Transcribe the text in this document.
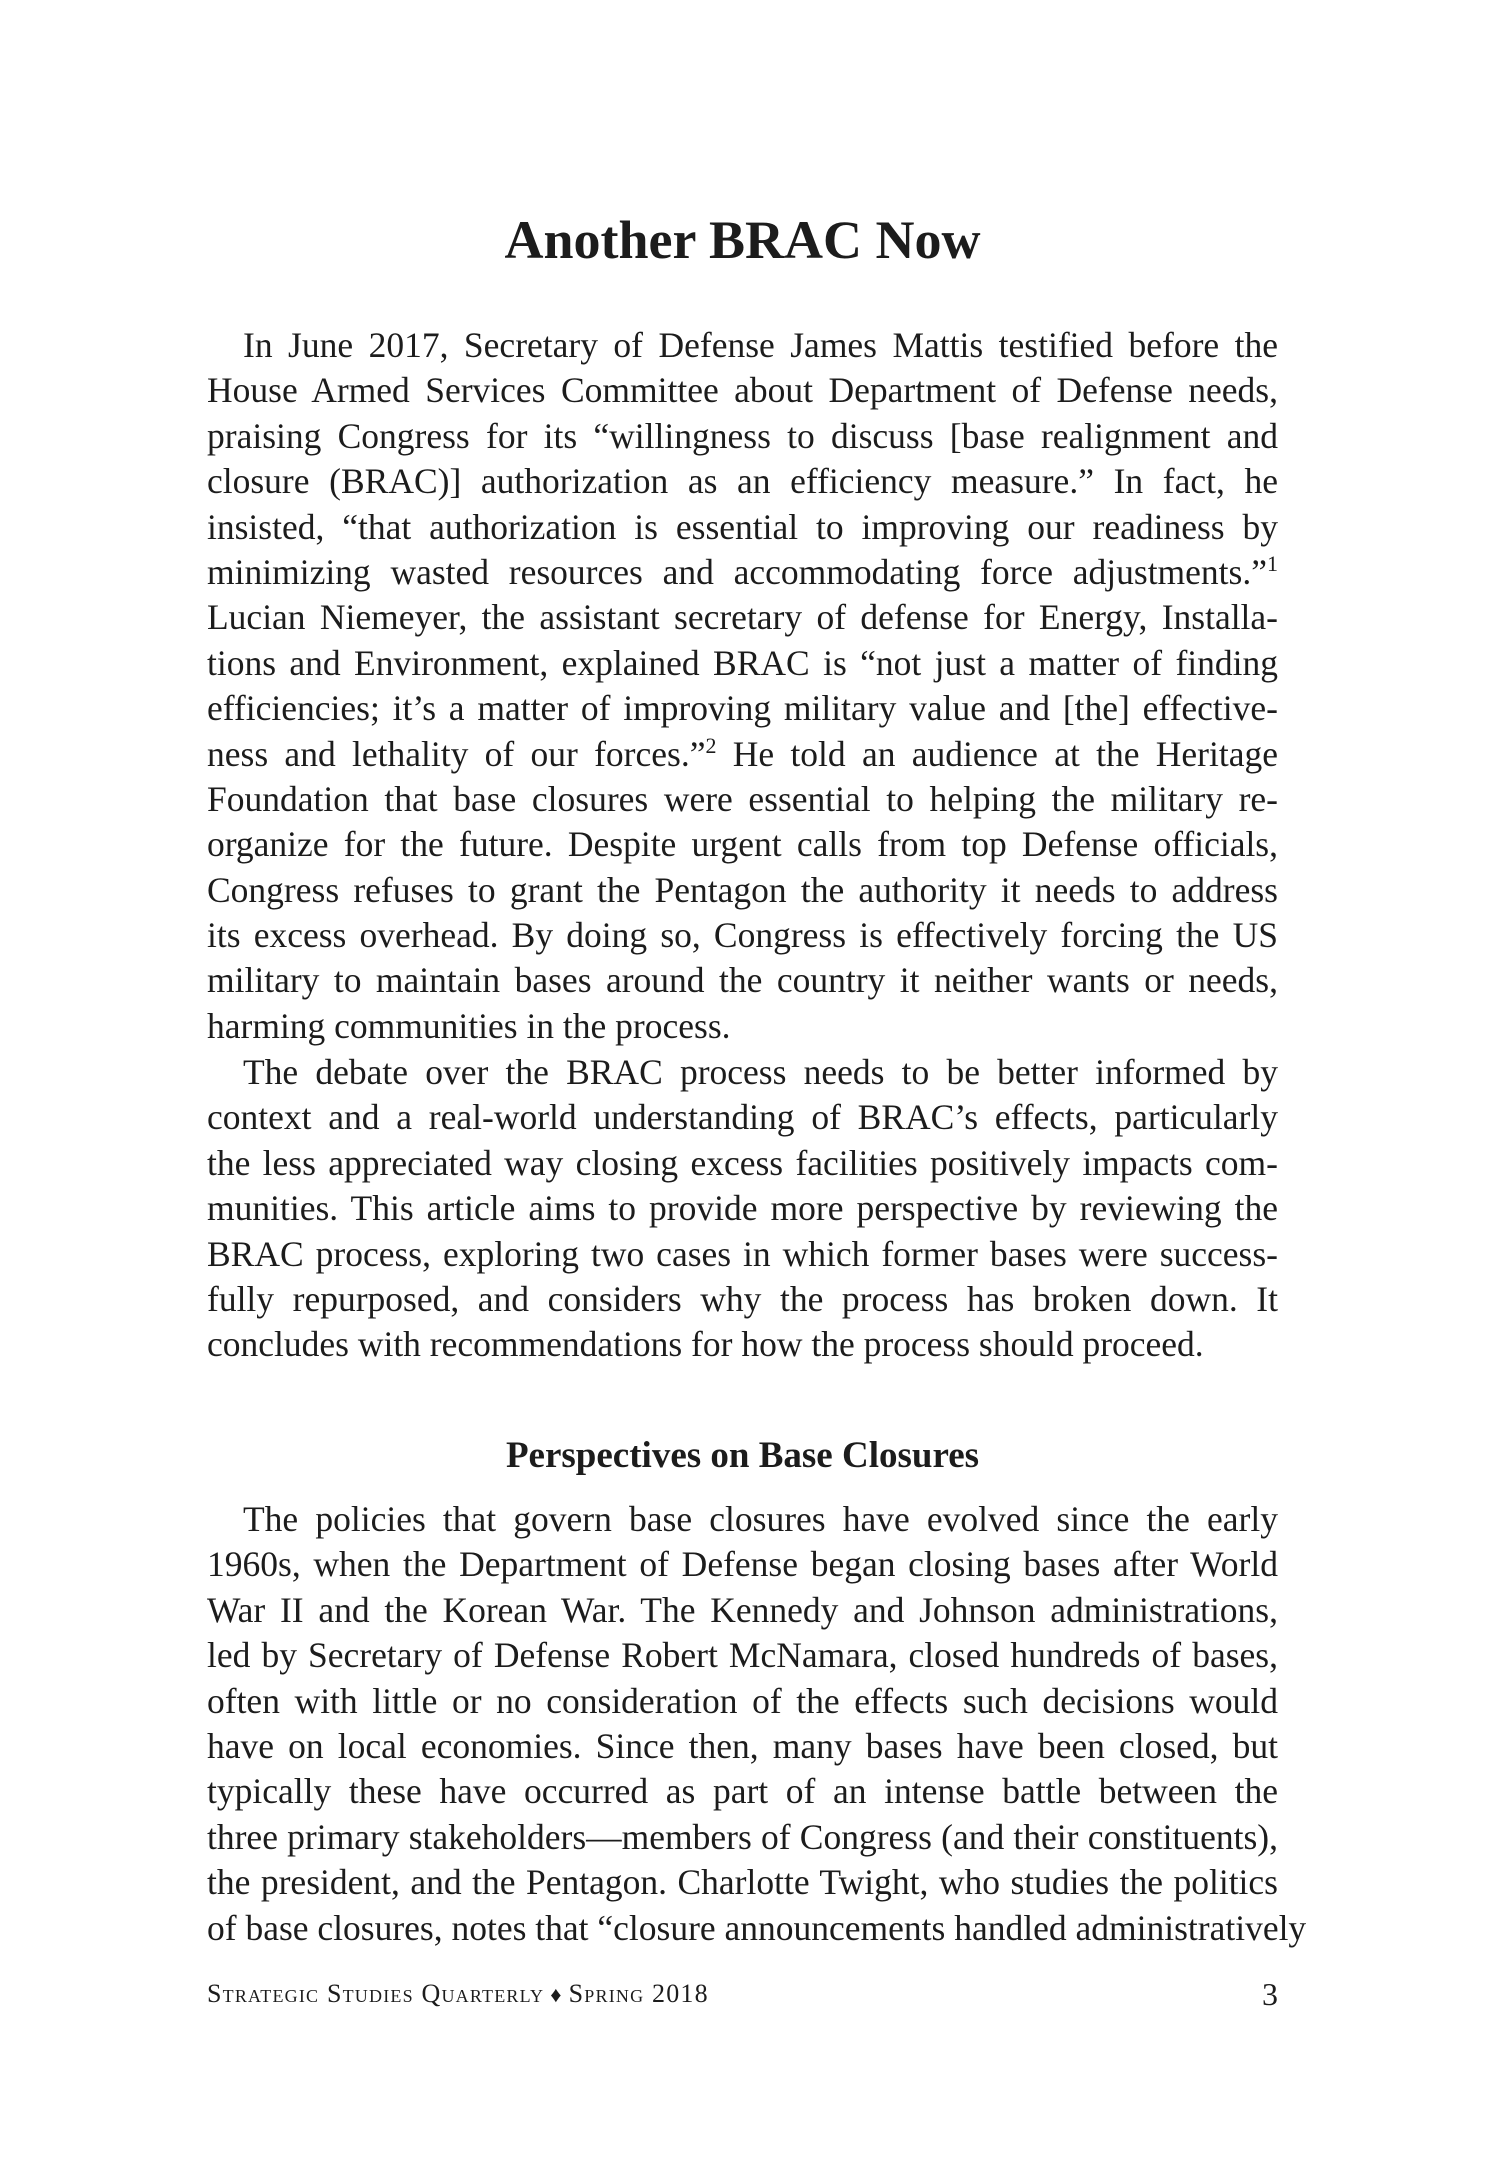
Another BRAC Now
In June 2017, Secretary of Defense James Mattis testified before the
House Armed Services Committee about Department of Defense needs,
praising Congress for its “willingness to discuss [base realignment and
closure (BRAC)] authorization as an efficiency measure.” In fact, he
insisted, “that authorization is essential to improving our readiness by
minimizing wasted resources and accommodating force adjustments.”$^1$
Lucian Niemeyer, the assistant secretary of defense for Energy, Installa-
tions and Environment, explained BRAC is “not just a matter of finding
efficiencies; it’s a matter of improving military value and [the] effective-
ness and lethality of our forces.”$^2$ He told an audience at the Heritage
Foundation that base closures were essential to helping the military re-
organize for the future. Despite urgent calls from top Defense officials,
Congress refuses to grant the Pentagon the authority it needs to address
its excess overhead. By doing so, Congress is effectively forcing the US
military to maintain bases around the country it neither wants or needs,
harming communities in the process.
The debate over the BRAC process needs to be better informed by
context and a real-world understanding of BRAC’s effects, particularly
the less appreciated way closing excess facilities positively impacts com-
munities. This article aims to provide more perspective by reviewing the
BRAC process, exploring two cases in which former bases were success-
fully repurposed, and considers why the process has broken down. It
concludes with recommendations for how the process should proceed.
Perspectives on Base Closures
The policies that govern base closures have evolved since the early
1960s, when the Department of Defense began closing bases after World
War II and the Korean War. The Kennedy and Johnson administrations,
led by Secretary of Defense Robert McNamara, closed hundreds of bases,
often with little or no consideration of the effects such decisions would
have on local economies. Since then, many bases have been closed, but
typically these have occurred as part of an intense battle between the
three primary stakeholders—members of Congress (and their constituents),
the president, and the Pentagon. Charlotte Twight, who studies the politics
of base closures, notes that “closure announcements handled administratively
Strategic Studies Quarterly ♦ Spring 2018	3
